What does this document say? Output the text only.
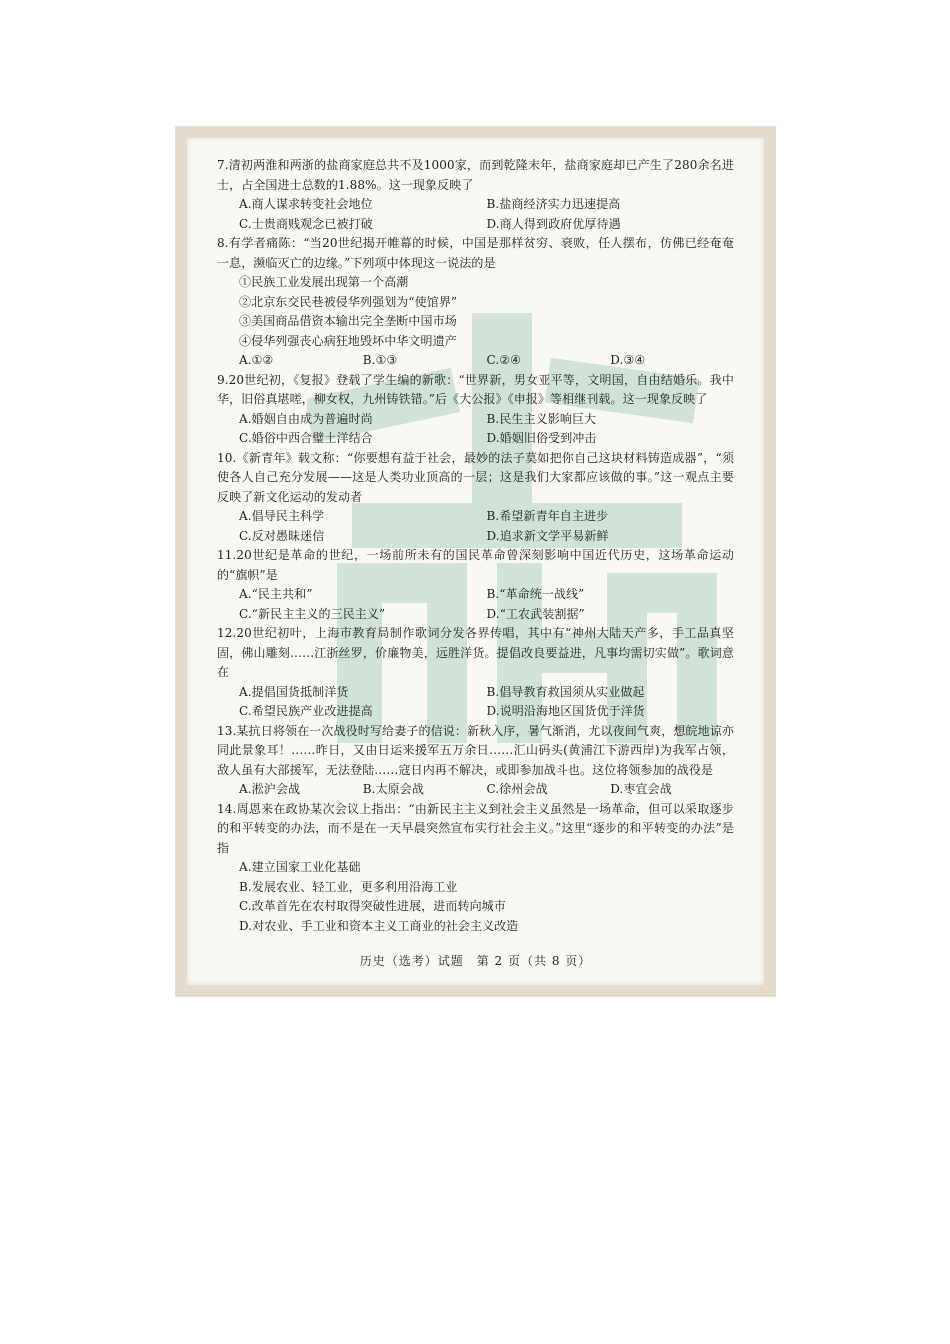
7.清初两淮和两浙的盐商家庭总共不及1000家，而到乾隆末年，盐商家庭却已产生了280余名进士，占全国进士总数的1.88%。这一现象反映了

A.商人谋求转变社会地位	B.盐商经济实力迅速提高
C.士贵商贱观念已被打破	D.商人得到政府优厚待遇

8.有学者痛陈：“当20世纪揭开帷幕的时候，中国是那样贫穷、衰败，任人摆布，仿佛已经奄奄一息，濒临灭亡的边缘。”下列项中体现这一说法的是

①民族工业发展出现第一个高潮

②北京东交民巷被侵华列强划为“使馆界”

③美国商品借资本输出完全垄断中国市场

④侵华列强丧心病狂地毁坏中华文明遗产

A.①②	B.①③	C.②④	D.③④

9.20世纪初，《复报》登载了学生编的新歌：“世界新，男女亚平等，文明国，自由结婚乐。我中华，旧俗真堪嗟，柳女权，九州铸铁错。”后《大公报》《申报》等相继刊载。这一现象反映了

A.婚姻自由成为普遍时尚	B.民生主义影响巨大
C.婚俗中西合璧土洋结合	D.婚姻旧俗受到冲击

10.《新青年》载文称：“你要想有益于社会，最妙的法子莫如把你自己这块材料铸造成器”，“须使各人自己充分发展——这是人类功业顶高的一层；这是我们大家都应该做的事。”这一观点主要反映了新文化运动的发动者

A.倡导民主科学	B.希望新青年自主进步
C.反对愚昧迷信	D.追求新文学平易新鲜

11.20世纪是革命的世纪，一场前所未有的国民革命曾深刻影响中国近代历史，这场革命运动的“旗帜”是

A.“民主共和”	B.“革命统一战线”
C.“新民主主义的三民主义”	D.“工农武装割据”

12.20世纪初叶，上海市教育局制作歌词分发各界传唱，其中有“神州大陆天产多，手工品真坚固，佛山雕刻……江浙丝罗，价廉物美，远胜洋货。提倡改良要益进，凡事均需切实做”。歌词意在

A.提倡国货抵制洋货	B.倡导教育救国须从实业做起
C.希望民族产业改进提高	D.说明沿海地区国货优于洋货

13.某抗日将领在一次战役时写给妻子的信说：新秋入序，暑气渐消，尤以夜间气爽，想皖地谅亦同此景象耳！……昨日，又由日运来援军五万余日……汇山码头(黄浦江下游西岸)为我军占领，敌人虽有大部援军，无法登陆……寇日内再不解决，或即参加战斗也。这位将领参加的战役是

A.淞沪会战	B.太原会战	C.徐州会战	D.枣宜会战

14.周恩来在政协某次会议上指出：“由新民主主义到社会主义虽然是一场革命，但可以采取逐步的和平转变的办法，而不是在一天早晨突然宣布实行社会主义。”这里“逐步的和平转变的办法”是指

A.建立国家工业化基础

B.发展农业、轻工业，更多利用沿海工业

C.改革首先在农村取得突破性进展，进而转向城市

D.对农业、手工业和资本主义工商业的社会主义改造

历史（选考）试题　第 2 页（共 8 页）
